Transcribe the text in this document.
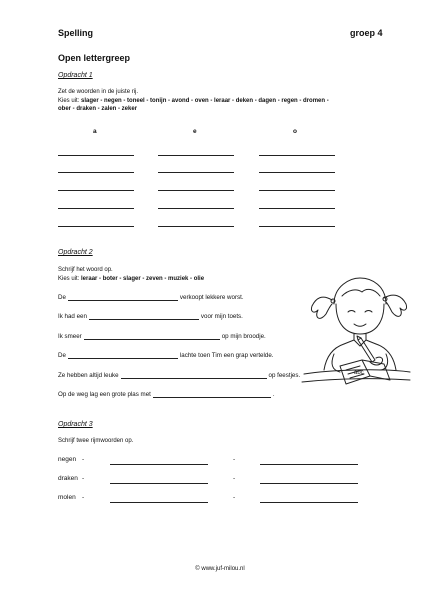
Spelling	groep 4
Open lettergreep
Opdracht 1
Zet de woorden in de juiste rij.
Kies uit: slager - negen - toneel - tonijn - avond - oven - leraar - deken - dagen - regen - dromen -
ober - draken - zalen - zeker
a	e	o
Opdracht 2
Schrijf het woord op.
Kies uit: leraar - boter - slager - zeven - muziek - olie
De	verkoopt lekkere worst.
Ik had een	voor mijn toets.
Ik smeer	op mijn broodje.
De	lachte toen Tim een grap vertelde.
Ze hebben altijd leuke	op feestjes.
Op de weg lag een grote plas met	.
abc
Opdracht 3
Schrijf twee rijmwoorden op.
negen -	-
draken -	-
molen -	-
© www.juf-milou.nl
